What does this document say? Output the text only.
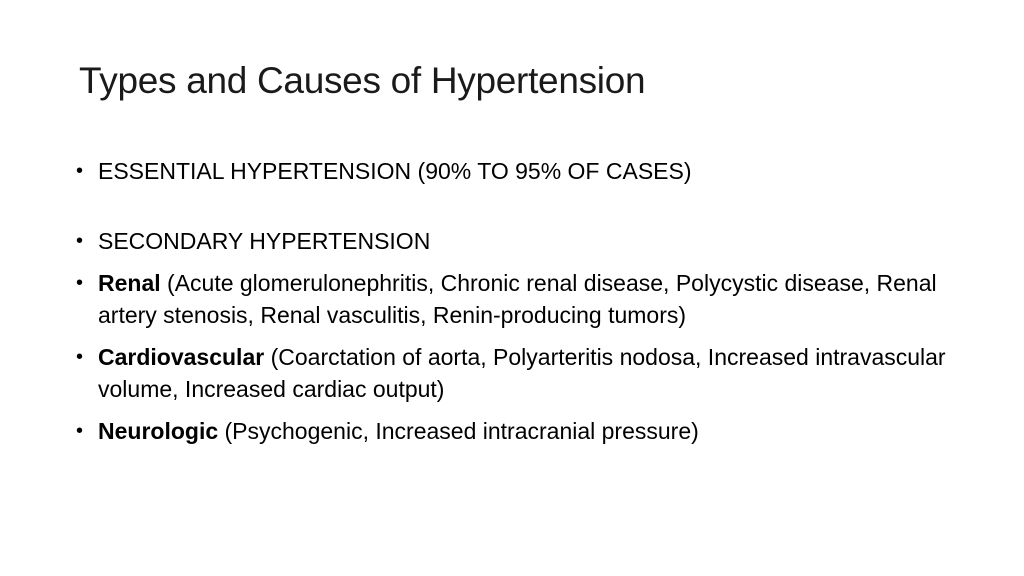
Types and Causes of Hypertension
• ESSENTIAL HYPERTENSION (90% TO 95% OF CASES)
• SECONDARY HYPERTENSION
• Renal (Acute glomerulonephritis, Chronic renal disease, Polycystic disease, Renal artery stenosis, Renal vasculitis, Renin-producing tumors)
• Cardiovascular (Coarctation of aorta, Polyarteritis nodosa, Increased intravascular volume, Increased cardiac output)
• Neurologic (Psychogenic, Increased intracranial pressure)
